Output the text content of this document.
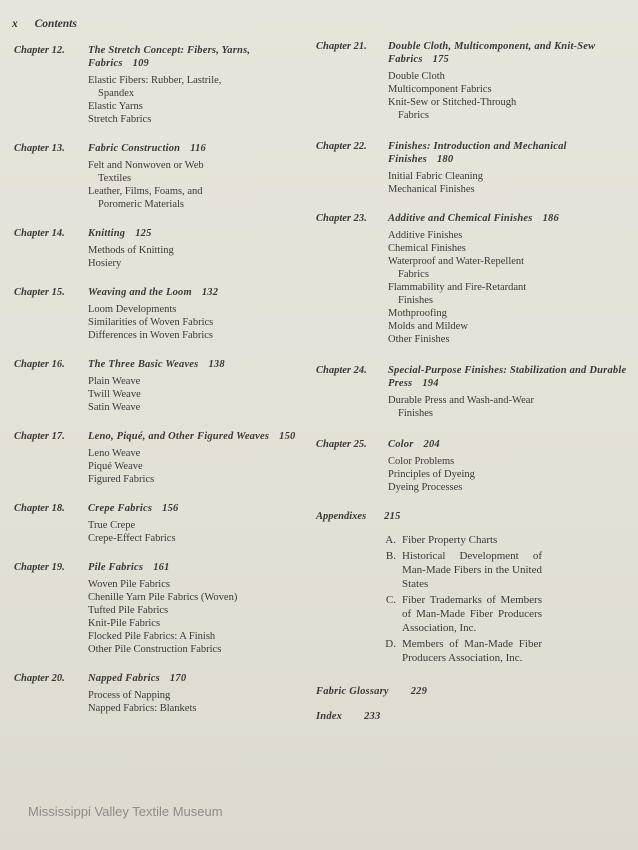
x Contents
Chapter 12.	The Stretch Concept: Fibers, Yarns, Fabrics 109
Elastic Fibers: Rubber, Lastrile,
Spandex
Elastic Yarns
Stretch Fabrics
Chapter 13.	Fabric Construction 116
Felt and Nonwoven or Web
Textiles
Leather, Films, Foams, and
Poromeric Materials
Chapter 14.	Knitting 125
Methods of Knitting
Hosiery
Chapter 15.	Weaving and the Loom 132
Loom Developments
Similarities of Woven Fabrics
Differences in Woven Fabrics
Chapter 16.	The Three Basic Weaves 138
Plain Weave
Twill Weave
Satin Weave
Chapter 17.	Leno, Piqué, and Other Figured Weaves 150
Leno Weave
Piqué Weave
Figured Fabrics
Chapter 18.	Crepe Fabrics 156
True Crepe
Crepe-Effect Fabrics
Chapter 19.	Pile Fabrics 161
Woven Pile Fabrics
Chenille Yarn Pile Fabrics (Woven)
Tufted Pile Fabrics
Knit-Pile Fabrics
Flocked Pile Fabrics: A Finish
Other Pile Construction Fabrics
Chapter 20.	Napped Fabrics 170
Process of Napping
Napped Fabrics: Blankets
Chapter 21.	Double Cloth, Multicomponent, and Knit-Sew Fabrics 175
Double Cloth
Multicomponent Fabrics
Knit-Sew or Stitched-Through
Fabrics
Chapter 22.	Finishes: Introduction and Mechanical Finishes 180
Initial Fabric Cleaning
Mechanical Finishes
Chapter 23.	Additive and Chemical Finishes 186
Additive Finishes
Chemical Finishes
Waterproof and Water-Repellent
Fabrics
Flammability and Fire-Retardant
Finishes
Mothproofing
Molds and Mildew
Other Finishes
Chapter 24.	Special-Purpose Finishes: Stabilization and Durable Press 194
Durable Press and Wash-and-Wear
Finishes
Chapter 25.	Color 204
Color Problems
Principles of Dyeing
Dyeing Processes
Appendixes 215
A. Fiber Property Charts
B. Historical Development of Man-Made Fibers in the United States
C. Fiber Trademarks of Members of Man-Made Fiber Producers Association, Inc.
D. Members of Man-Made Fiber Producers Association, Inc.
Fabric Glossary 229
Index 233
Mississippi Valley Textile Museum
